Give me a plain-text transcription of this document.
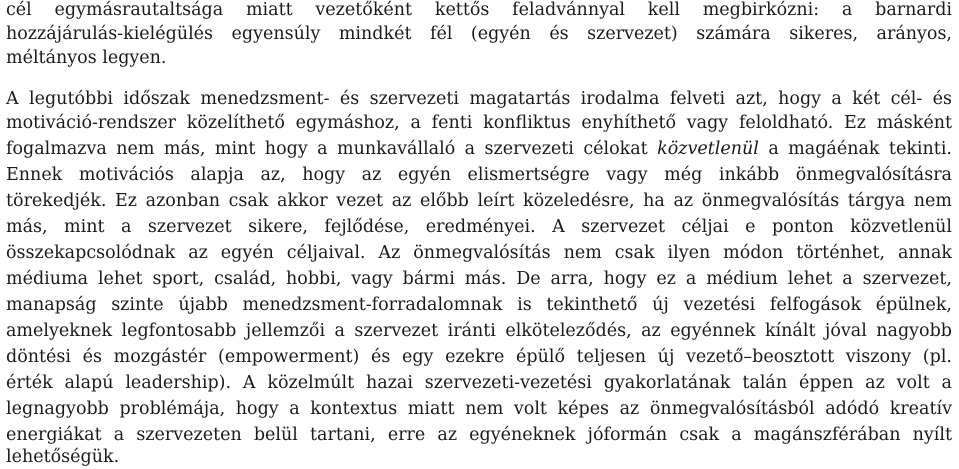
cél egymásrautaltsága miatt vezetőként kettős feladvánnyal kell megbirkózni: a barnardi
hozzájárulás-kielégülés egyensúly mindkét fél (egyén és szervezet) számára sikeres, arányos,
méltányos legyen.
A legutóbbi időszak menedzsment- és szervezeti magatartás irodalma felveti azt, hogy a két cél- és
motiváció-rendszer közelíthető egymáshoz, a fenti konfliktus enyhíthető vagy feloldható. Ez másként
fogalmazva nem más, mint hogy a munkavállaló a szervezeti célokat közvetlenül a magáénak tekinti.
Ennek motivációs alapja az, hogy az egyén elismertségre vagy még inkább önmegvalósításra
törekedjék. Ez azonban csak akkor vezet az előbb leírt közeledésre, ha az önmegvalósítás tárgya nem
más, mint a szervezet sikere, fejlődése, eredményei. A szervezet céljai e ponton közvetlenül
összekapcsolódnak az egyén céljaival. Az önmegvalósítás nem csak ilyen módon történhet, annak
médiuma lehet sport, család, hobbi, vagy bármi más. De arra, hogy ez a médium lehet a szervezet,
manapság szinte újabb menedzsment-forradalomnak is tekinthető új vezetési felfogások épülnek,
amelyeknek legfontosabb jellemzői a szervezet iránti elköteleződés, az egyénnek kínált jóval nagyobb
döntési és mozgástér (empowerment) és egy ezekre épülő teljesen új vezető–beosztott viszony (pl.
érték alapú leadership). A közelmúlt hazai szervezeti-vezetési gyakorlatának talán éppen az volt a
legnagyobb problémája, hogy a kontextus miatt nem volt képes az önmegvalósításból adódó kreatív
energiákat a szervezeten belül tartani, erre az egyéneknek jóformán csak a magánszférában nyílt
lehetőségük.
